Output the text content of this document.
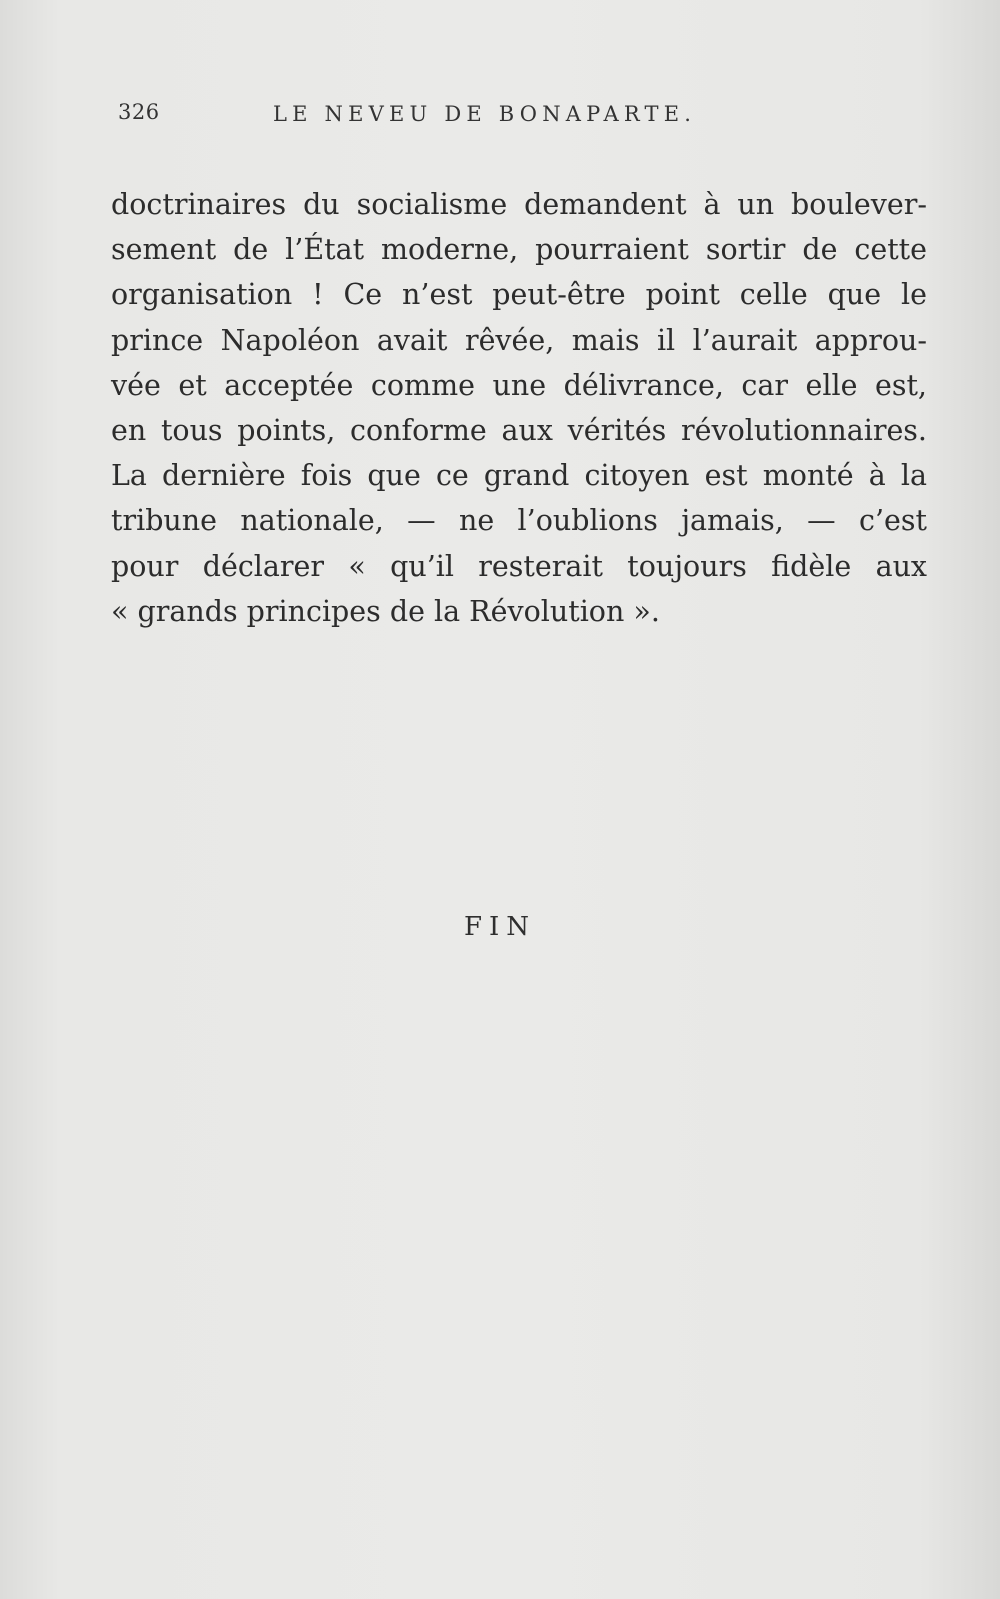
326	LE NEVEU DE BONAPARTE.
doctrinaires du socialisme demandent à un boulever-
sement de l’État moderne, pourraient sortir de cette
organisation ! Ce n’est peut-être point celle que le
prince Napoléon avait rêvée, mais il l’aurait approu-
vée et acceptée comme une délivrance, car elle est,
en tous points, conforme aux vérités révolutionnaires.
La dernière fois que ce grand citoyen est monté à la
tribune nationale, — ne l’oublions jamais, — c’est
pour déclarer « qu’il resterait toujours fidèle aux
« grands principes de la Révolution ».
FIN
